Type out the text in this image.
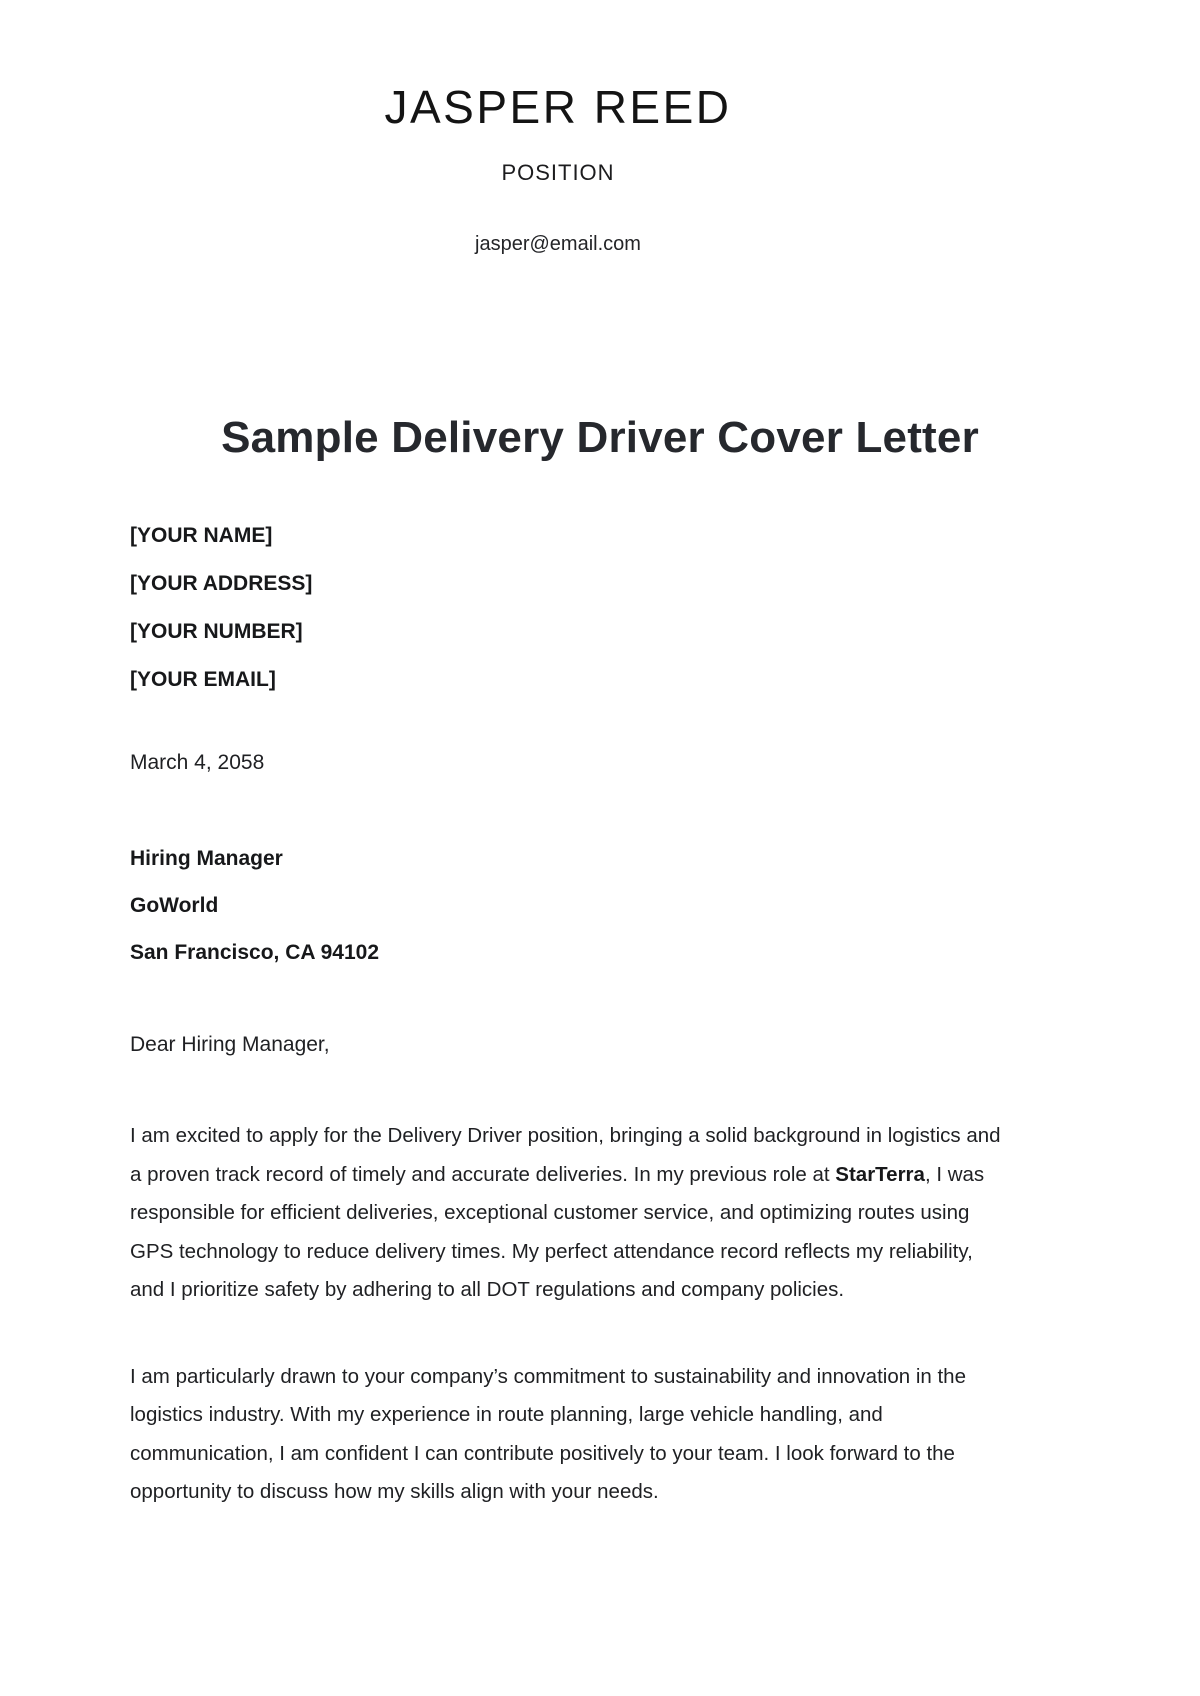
JASPER REED
POSITION
jasper@email.com
Sample Delivery Driver Cover Letter

[YOUR NAME]

[YOUR ADDRESS]

[YOUR NUMBER]

[YOUR EMAIL]

March 4, 2058

Hiring Manager

GoWorld

San Francisco, CA 94102

Dear Hiring Manager,

I am excited to apply for the Delivery Driver position, bringing a solid background in logistics and a proven track record of timely and accurate deliveries. In my previous role at StarTerra, I was responsible for efficient deliveries, exceptional customer service, and optimizing routes using GPS technology to reduce delivery times. My perfect attendance record reflects my reliability, and I prioritize safety by adhering to all DOT regulations and company policies.

I am particularly drawn to your company’s commitment to sustainability and innovation in the logistics industry. With my experience in route planning, large vehicle handling, and communication, I am confident I can contribute positively to your team. I look forward to the opportunity to discuss how my skills align with your needs.
